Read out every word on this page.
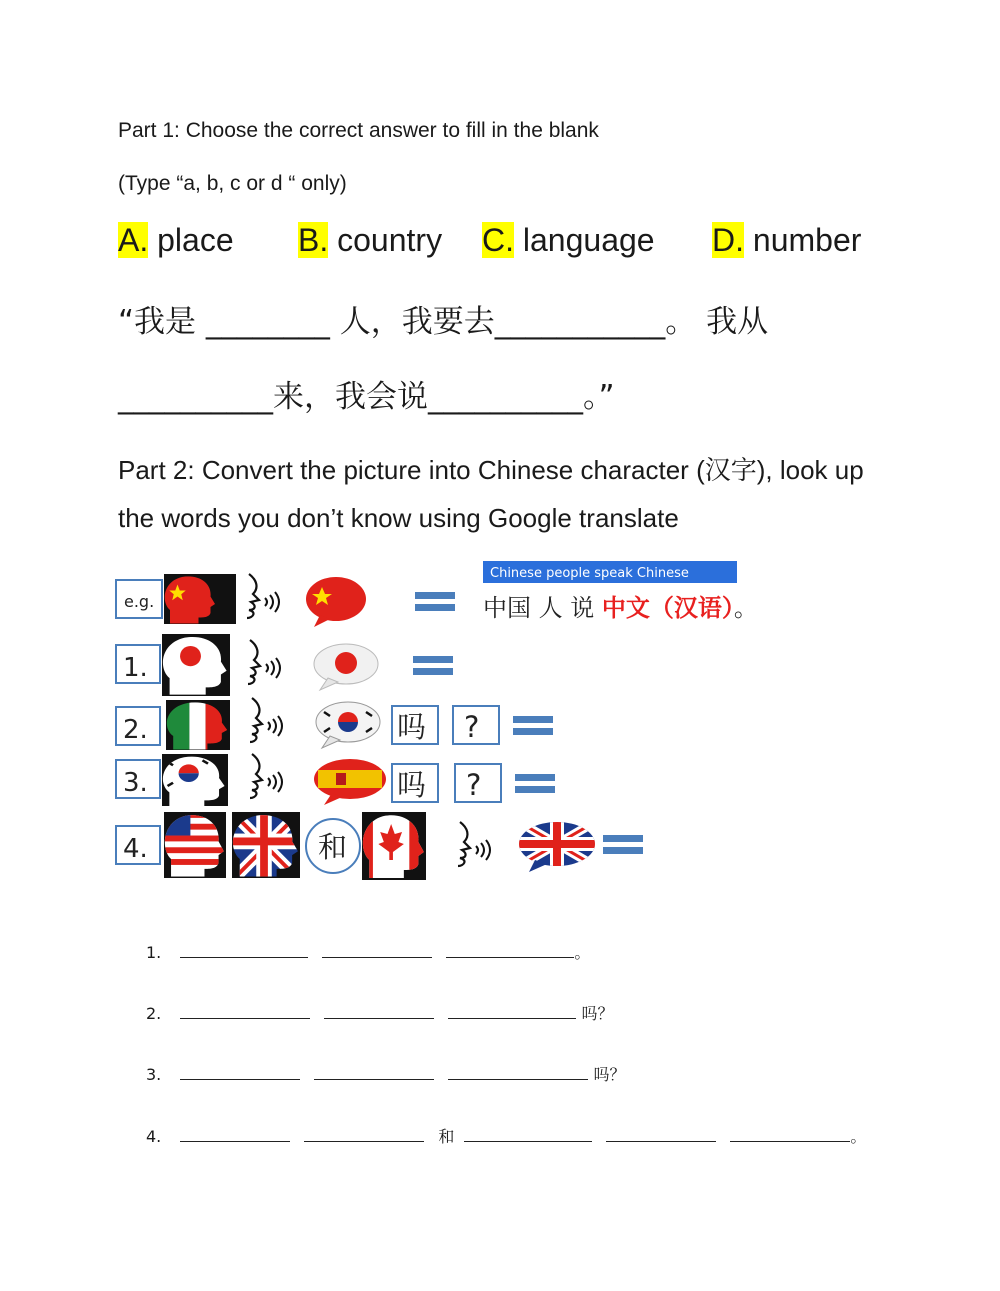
Part 1: Choose the correct answer to fill in the blank
(Type “a, b, c or d “ only)
A. place B. country C. language D. number
“我是 ________ 人，我要去___________。 我从
__________来，我会说__________。”
Part 2: Convert the picture into Chinese character (汉字), look up the words you don’t know using Google translate
e.g.
Chinese people speak Chinese
中国 人 说 中文（汉语）。
1.
2.	吗 ?
3.	吗 ?
4.	和
1.	。
2.	吗？
3.	吗？
4.	和	。
